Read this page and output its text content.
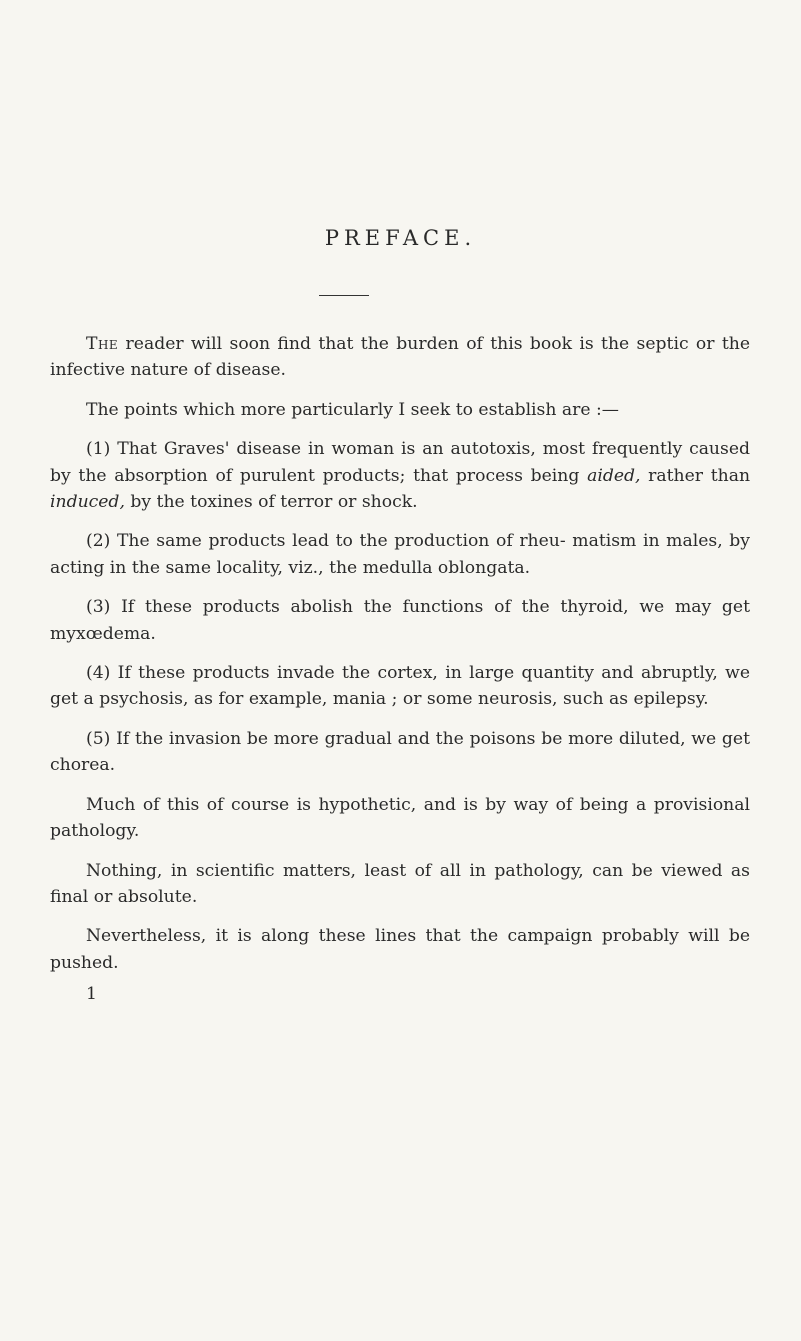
PREFACE.

The reader will soon find that the burden of this book is the septic or the infective nature of disease.

The points which more particularly I seek to establish are :—

(1) That Graves' disease in woman is an autotoxis, most frequently caused by the absorption of purulent products; that process being aided, rather than induced, by the toxines of terror or shock.

(2) The same products lead to the production of rheu- matism in males, by acting in the same locality, viz., the medulla oblongata.

(3) If these products abolish the functions of the thyroid, we may get myxœdema.

(4) If these products invade the cortex, in large quantity and abruptly, we get a psychosis, as for example, mania ; or some neurosis, such as epilepsy.

(5) If the invasion be more gradual and the poisons be more diluted, we get chorea.

Much of this of course is hypothetic, and is by way of being a provisional pathology.

Nothing, in scientific matters, least of all in pathology, can be viewed as final or absolute.

Nevertheless, it is along these lines that the campaign probably will be pushed.

1
